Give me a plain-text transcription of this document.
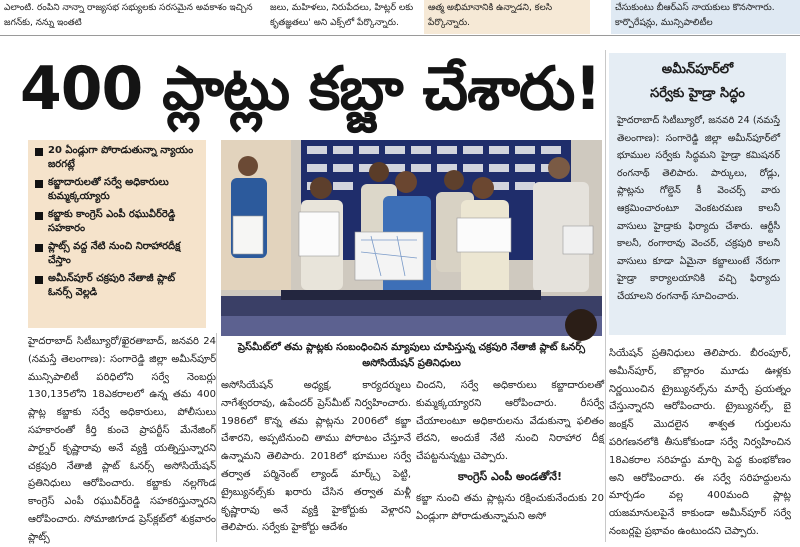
ఎలాంటి. రంపిని నాన్నా రాజ్యసభ సభ్యులకు సరసమైన అవకాశం ఇచ్చిన జగన్‌కు, నన్ను ఇంతటి
జలు, మహిళలు, నిరుపేదలు, హిట్లర్ లకు కృతజ్ఞతలు' అని ఎక్స్‌లో పేర్కొన్నారు.
ఆత్మ అభిమానానికి ఉన్నాడని, కలసి పేర్కొన్నారు.
చేసుకుంటు బీఆర్ఎస్ నాయకులు కొనసాగారు. కార్పొరేషన్లు, మున్సిపాలిటీల
400 ప్లాట్లు కబ్జా చేశారు!
20 ఏండ్లుగా పోరాడుతున్నా న్యాయం జరగట్లే
కబ్జాదారులతో సర్వే అధికారులు కుమ్మక్కయ్యారు
కబ్జాకు కాంగ్రెస్ ఎంపీ రఘువీర్‌రెడ్డి సహకారం
ప్లాట్స్ వద్ద నేటి నుంచి నిరాహారదీక్ష చేస్తాం
అమీన్‌పూర్ చక్రపురి నేతాజీ ప్లాట్ ఓనర్స్ వెల్లడి
PRESS CLUB
ప్రెస్‌మీట్‌లో తమ ప్లాట్లకు సంబంధించిన మ్యాపులు చూపిస్తున్న చక్రపురి నేతాజీ ప్లాట్ ఓనర్స్ అసోసియేషన్ ప్రతినిధులు
హైదరాబాద్ సిటీబ్యూరో/ఖైరతాబాద్, జనవరి 24 (నమస్తే తెలంగాణ): సంగారెడ్డి జిల్లా అమీన్‌పూర్ మున్సిపాలిటీ పరిధిలోని సర్వే నెంబర్లు 130,135లోని 18ఎకరాలలో ఉన్న తమ 400 ప్లాట్ల కబ్జాకు సర్వే అధికారులు, పోలీసులు సహకారంతో కీర్తి కుంచె ప్రాపర్టీస్ మేనేజింగ్ పార్ట్నర్ కృష్ణారావు అనే వ్యక్తి యత్నిస్తున్నారని చక్రపురి నేతాజీ ప్లాట్ ఓనర్స్ అసోసియేషన్ ప్రతినిధులు ఆరోపించారు. కబ్జాకు నల్లగొండ కాంగ్రెస్ ఎంపీ రఘువీర్‌రెడ్డి సహకరిస్తున్నారని ఆరోపించారు. సోమాజిగూడ ప్రెస్‌క్లబ్‌లో శుక్రవారం ప్లాట్స్
అసోసియేషన్ అధ్యక్ష, కార్యదర్శులు నాగేశ్వరరావు, ఉపేందర్ ప్రెస్‌మీట్ నిర్వహించారు. 1986లో కొన్న తమ ప్లాట్లను 2006లో కబ్జా చేశారని, అప్పటినుంచి తాము పోరాటం చేస్తూనే ఉన్నామని తెలిపారు. 2018లో భూముల సర్వే తర్వాత పర్మినెంట్ ల్యాండ్ మార్క్స్ పెట్టి, ట్రైబ్యునల్స్‌కు ఖరారు చేసిన తర్వాత మళ్లీ కృష్ణారావు అనే వ్యక్తి హైకోర్టుకు వెళ్లారని తెలిపారు. సర్వేకు హైకోర్టు ఆదేశం
చిందని, సర్వే అధికారులు కబ్జాదారులతో కుమ్మక్కయ్యారని ఆరోపించారు. రీసర్వే చేయాలంటూ అధికారులను వేడుకున్నా ఫలితం లేదని, అందుకే నేటి నుంచి నిరాహార దీక్ష చేపట్టనున్నట్టు చెప్పారు.
కాంగ్రెస్ ఎంపీ అండతోనే!
కబ్జా నుంచి తమ ప్లాట్లను రక్షించుకునేందుకు 20 ఏండ్లుగా పోరాడుతున్నామని అసో
అమీన్‌పూర్‌లో
సర్వేకు హైడ్రా సిద్ధం
హైదరాబాద్ సిటీబ్యూరో, జనవరి 24 (నమస్తే తెలంగాణ): సంగారెడ్డి జిల్లా అమీన్‌పూర్‌లో భూముల సర్వేకు సిద్ధమని హైడ్రా కమిషనర్ రంగనాథ్ తెలిపారు. పార్కులు, రోడ్లు, ప్లాట్లను గోల్డెన్ కీ వెంచర్స్ వారు ఆక్రమించారంటూ వెంకటరమణ కాలనీ వాసులు హైడ్రాకు ఫిర్యాదు చేశారు. ఆర్టీసీ కాలనీ, రంగారావు వెంచర్, చక్రపురి కాలనీ వాసులు కూడా ఏమైనా కబ్జాలుంటే నేరుగా హైడ్రా కార్యాలయానికి వచ్చి ఫిర్యాదు చేయాలని రంగనాథ్ సూచించారు.
సియేషన్ ప్రతినిధులు తెలిపారు. బీరంపూర్, అమీన్‌పూర్, బొల్లారం మూడు ఊళ్లకు నిర్ణయించిన ట్రైబ్యునల్స్‌ను మార్చే ప్రయత్నం చేస్తున్నారని ఆరోపించారు. ట్రైబ్యునల్స్, బై జంక్షన్ మొదలైన శాశ్వత గుర్తులను పరిగణనలోకి తీసుకోకుండా సర్వే నిర్వహించిన 18ఎకరాల సరిహద్దు మార్చి పెద్ద కుంభకోణం అని ఆరోపించారు. ఈ సర్వే సరిహద్దులను మార్చడం వల్ల 400మంది ప్లాట్ల యజమానులపైనే కాకుండా అమీన్‌పూర్ సర్వే నంబర్లపై ప్రభావం ఉంటుందని చెప్పారు.
